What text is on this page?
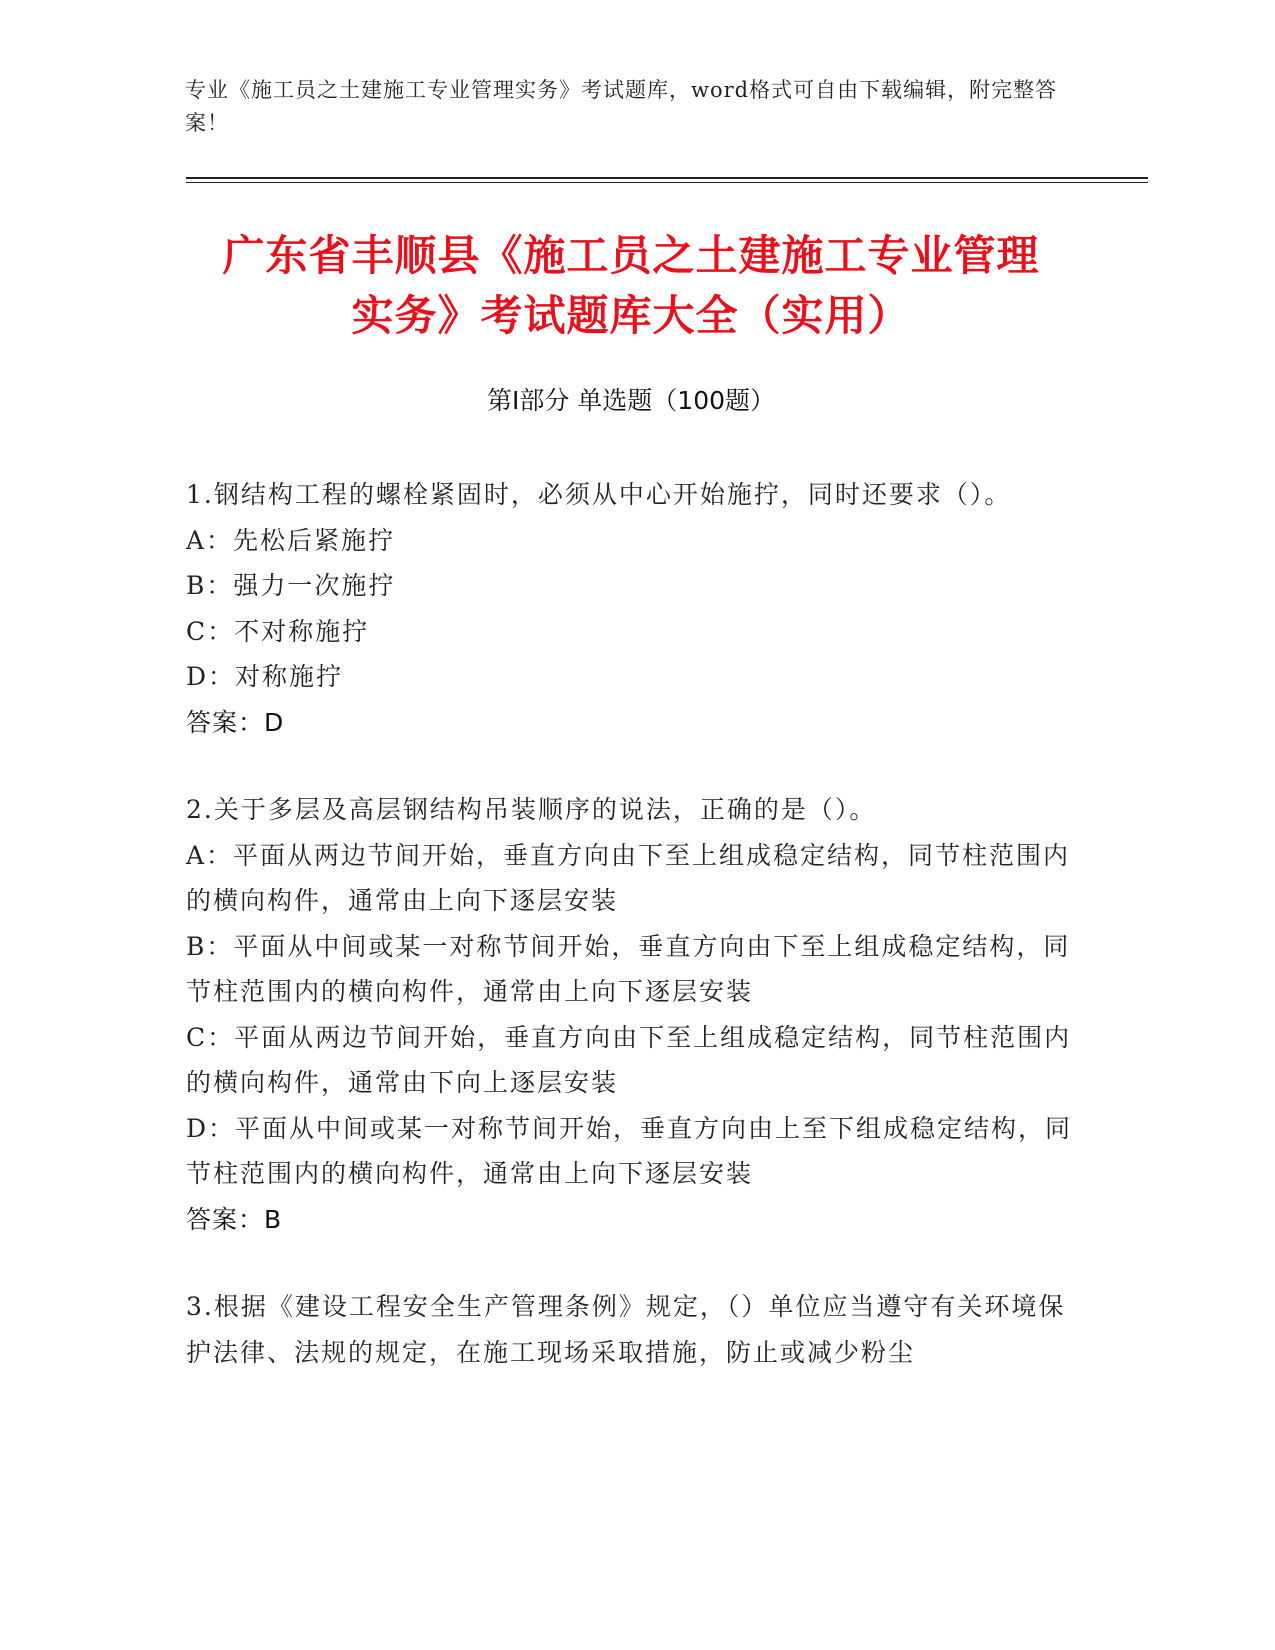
专业《施工员之土建施工专业管理实务》考试题库，word格式可自由下载编辑，附完整答案！
广东省丰顺县《施工员之土建施工专业管理
实务》考试题库大全（实用）
第Ⅰ部分 单选题（100题）
1.钢结构工程的螺栓紧固时，必须从中心开始施拧，同时还要求（）。
A：先松后紧施拧
B：强力一次施拧
C：不对称施拧
D：对称施拧
答案：D
2.关于多层及高层钢结构吊装顺序的说法，正确的是（）。
A：平面从两边节间开始，垂直方向由下至上组成稳定结构，同节柱范围内的横向构件，通常由上向下逐层安装
B：平面从中间或某一对称节间开始，垂直方向由下至上组成稳定结构，同节柱范围内的横向构件，通常由上向下逐层安装
C：平面从两边节间开始，垂直方向由下至上组成稳定结构，同节柱范围内的横向构件，通常由下向上逐层安装
D：平面从中间或某一对称节间开始，垂直方向由上至下组成稳定结构，同节柱范围内的横向构件，通常由上向下逐层安装
答案：B
3.根据《建设工程安全生产管理条例》规定，（）单位应当遵守有关环境保护法律、法规的规定，在施工现场采取措施，防止或减少粉尘
